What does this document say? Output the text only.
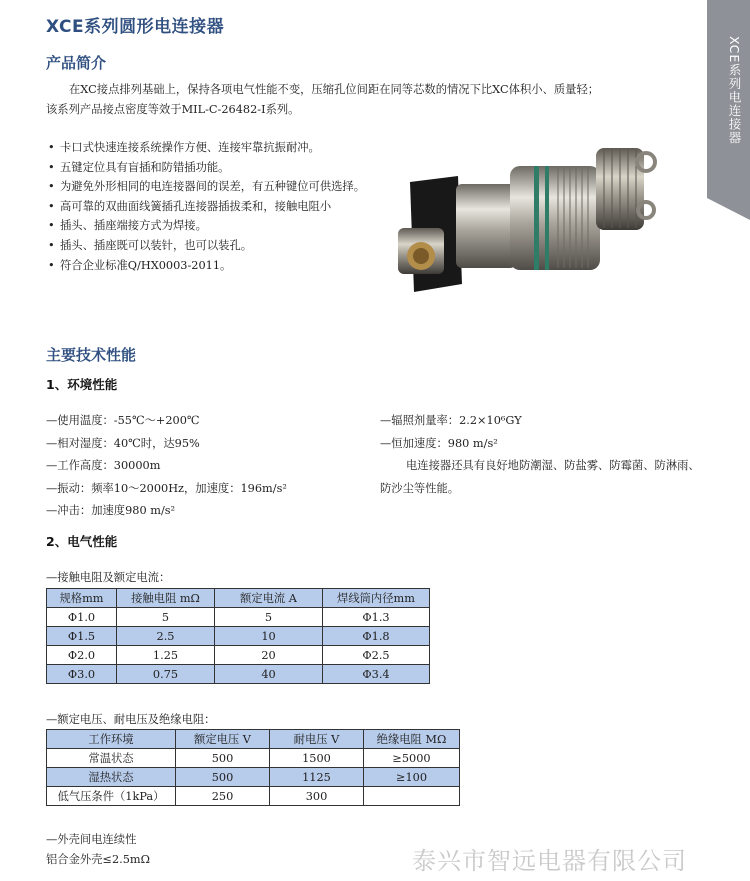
XCE系列圆形电连接器
XCE系列电连接器
产品简介

在XC接点排列基础上，保持各项电气性能不变，压缩孔位间距在同等芯数的情况下比XC体积小、质量轻；

该系列产品接点密度等效于MIL-C-26482-I系列。

• 卡口式快速连接系统操作方便、连接牢靠抗振耐冲。
• 五键定位具有盲插和防错插功能。
• 为避免外形相同的电连接器间的误差，有五种键位可供选择。
• 高可靠的双曲面线簧插孔连接器插拔柔和，接触电阻小
• 插头、插座端接方式为焊接。
• 插头、插座既可以装针，也可以装孔。
• 符合企业标准Q/HX0003-2011。
主要技术性能
1、环境性能
—使用温度：-55℃～+200℃
—相对湿度：40℃时，达95%
—工作高度：30000m
—振动：频率10～2000Hz，加速度：196m/s²
—冲击：加速度980 m/s²
—辐照剂量率：2.2×10⁶GY
—恒加速度：980 m/s²
电连接器还具有良好地防潮湿、防盐雾、防霉菌、防淋雨、防沙尘等性能。
2、电气性能
—接触电阻及额定电流：
规格mm	接触电阻 mΩ	额定电流 A	焊线筒内径mm
Φ1.0	5	5	Φ1.3
Φ1.5	2.5	10	Φ1.8
Φ2.0	1.25	20	Φ2.5
Φ3.0	0.75	40	Φ3.4
—额定电压、耐电压及绝缘电阻：
工作环境	额定电压 V	耐电压 V	绝缘电阻 MΩ
常温状态	500	1500	≥5000
湿热状态	500	1125	≥100
低气压条件（1kPa）	250	300	
—外壳间电连续性
铝合金外壳≤2.5mΩ	泰兴市智远电器有限公司
